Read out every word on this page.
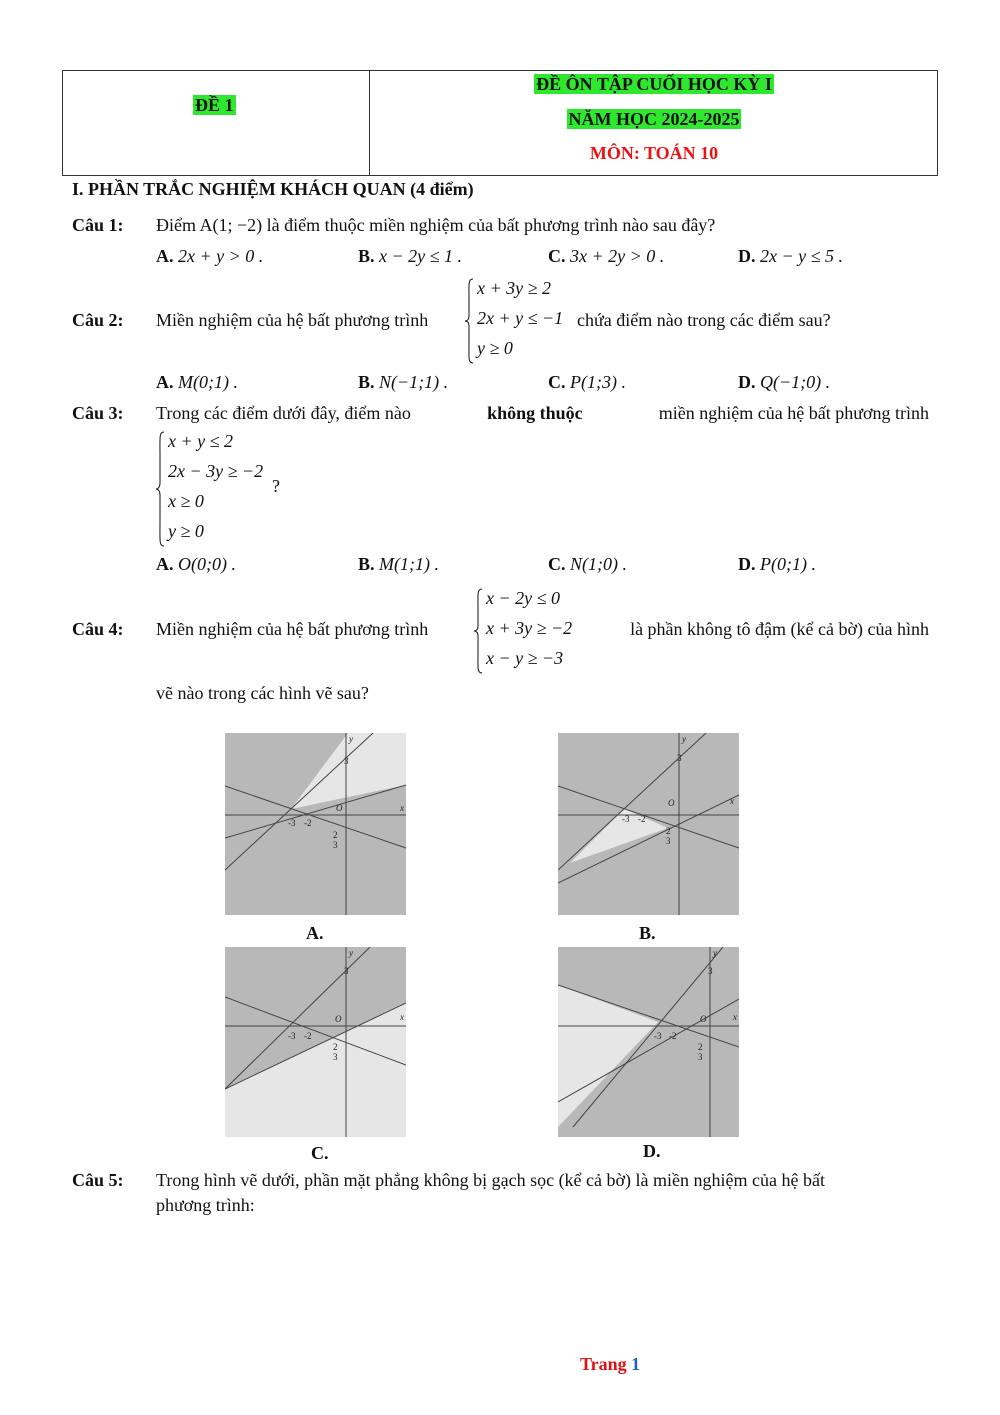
ĐỀ 1
ĐỀ ÔN TẬP CUỐI HỌC KỲ I
NĂM HỌC 2024-2025
MÔN: TOÁN 10
I. PHẦN TRẮC NGHIỆM KHÁCH QUAN (4 điểm)
Câu 1: Điểm A(1; −2) là điểm thuộc miền nghiệm của bất phương trình nào sau đây?
A. 2x + y > 0 .	B. x − 2y ≤ 1 .	C. 3x + 2y > 0 .	D. 2x − y ≤ 5 .
Câu 2: Miền nghiệm của hệ bất phương trình
x + 3y ≥ 2
2x + y ≤ −1
y ≥ 0
chứa điểm nào trong các điểm sau?
A. M(0;1) .	B. N(−1;1) .	C. P(1;3) .	D. Q(−1;0) .
Câu 3: Trong các điểm dưới đây, điểm nào	không thuộc	miền nghiệm của hệ bất phương trình
x + y ≤ 2
2x − 3y ≥ −2
x ≥ 0
y ≥ 0
?
A. O(0;0) .	B. M(1;1) .	C. N(1;0) .	D. P(0;1) .
Câu 4: Miền nghiệm của hệ bất phương trình
x − 2y ≤ 0
x + 3y ≥ −2
x − y ≥ −3
là phần không tô đậm (kể cả bờ) của hình
vẽ nào trong các hình vẽ sau?
y
x
O
3
-3 -2
2
3
A.
y
x
O
3
-3 -2
2
3
B.
y
x
O
3
-3 -2
2
3
C.
y
x
O
3
-3 -2
2
3
D.
Câu 5: Trong hình vẽ dưới, phần mặt phẳng không bị gạch sọc (kể cả bờ) là miền nghiệm của hệ bất
phương trình:
Trang 1
